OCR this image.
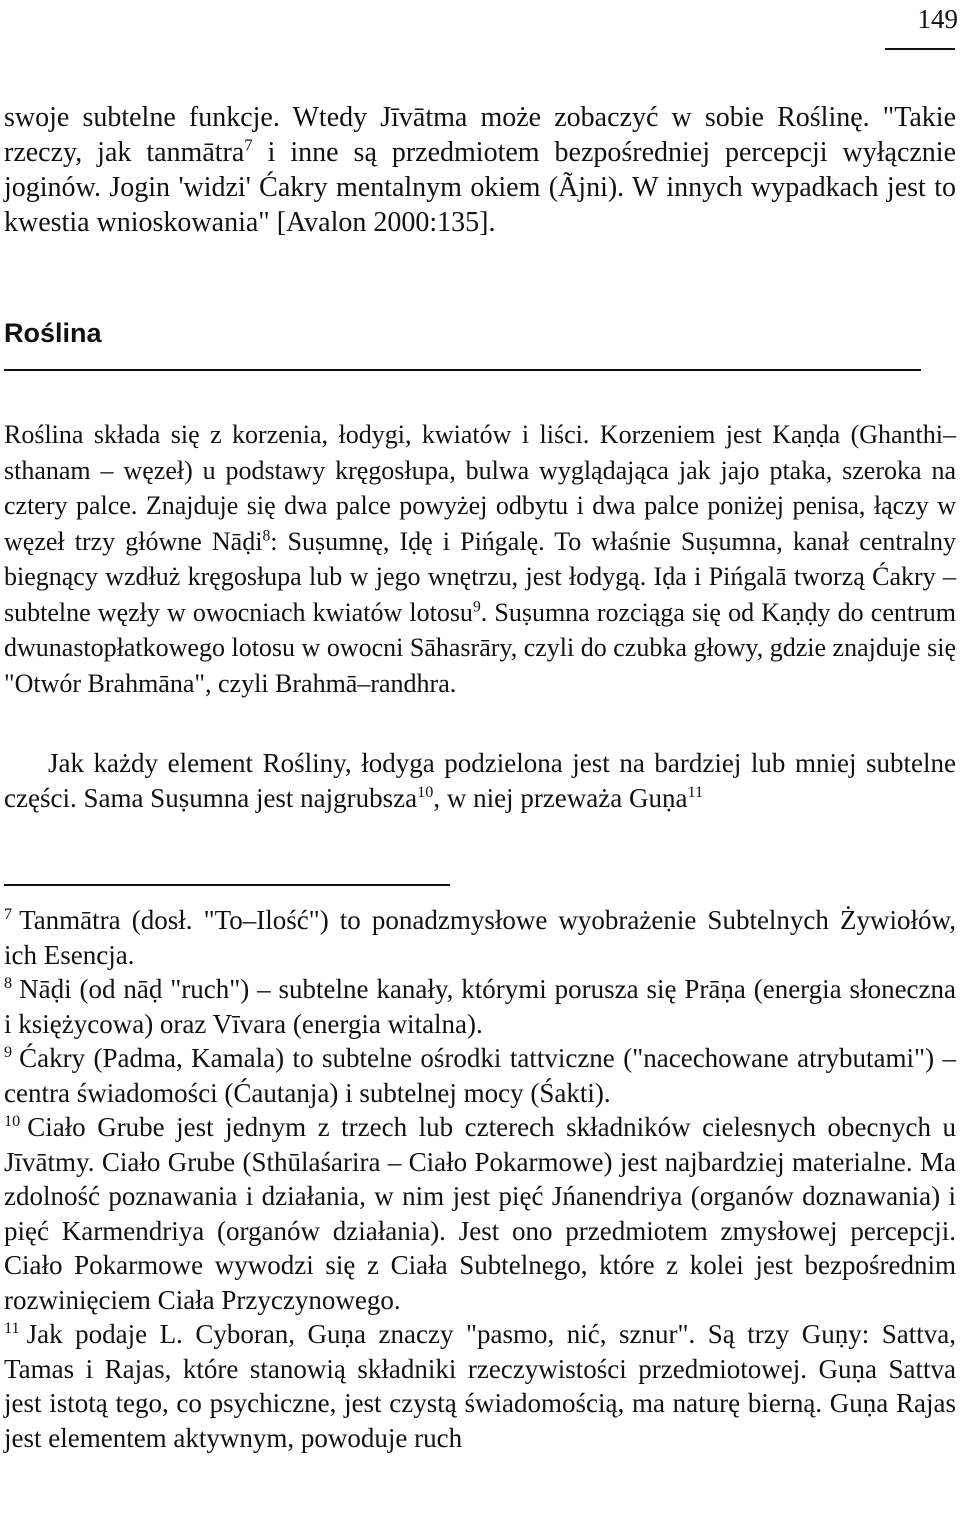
149

swoje subtelne funkcje. Wtedy Jīvātma może zobaczyć w sobie Roślinę. "Takie rzeczy, jak tanmātra$^7$ i inne są przedmiotem bezpośredniej percepcji wyłącznie joginów. Jogin 'widzi' Ćakry mentalnym okiem (Ãjni). W innych wypadkach jest to kwestia wnioskowania" [Avalon 2000:135].

Roślina

Roślina składa się z korzenia, łodygi, kwiatów i liści. Korzeniem jest Kaṇḍa (Ghanthi–sthanam – węzeł) u podstawy kręgosłupa, bulwa wyglądająca jak jajo ptaka, szeroka na cztery palce. Znajduje się dwa palce powyżej odbytu i dwa palce poniżej penisa, łączy w węzeł trzy główne Nāḍi$^8$: Suṣumnę, Iḍę i Pińgalę. To właśnie Suṣumna, kanał centralny biegnący wzdłuż kręgosłupa lub w jego wnętrzu, jest łodygą. Iḍa i Pińgalā tworzą Ćakry – subtelne węzły w owocniach kwiatów lotosu$^9$. Suṣumna rozciąga się od Kaṇḍy do centrum dwunastopłatkowego lotosu w owocni Sāhasrāry, czyli do czubka głowy, gdzie znajduje się "Otwór Brahmāna", czyli Brahmā–randhra.

Jak każdy element Rośliny, łodyga podzielona jest na bardziej lub mniej subtelne części. Sama Suṣumna jest najgrubsza$^{10}$, w niej przeważa Guṇa$^{11}$

$^7$ Tanmātra (dosł. "To–Ilość") to ponadzmysłowe wyobrażenie Subtelnych Żywiołów, ich Esencja.

$^8$ Nāḍi (od nāḍ "ruch") – subtelne kanały, którymi porusza się Prāṇa (energia słoneczna i księżycowa) oraz Vīvara (energia witalna).

$^9$ Ćakry (Padma, Kamala) to subtelne ośrodki tattviczne ("nacechowane atrybutami") – centra świadomości (Ćautanja) i subtelnej mocy (Śakti).

$^{10}$ Ciało Grube jest jednym z trzech lub czterech składników cielesnych obecnych u Jīvātmy. Ciało Grube (Sthūlaśarira – Ciało Pokarmowe) jest najbardziej materialne. Ma zdolność poznawania i działania, w nim jest pięć Jńanendriya (organów doznawania) i pięć Karmendriya (organów działania). Jest ono przedmiotem zmysłowej percepcji. Ciało Pokarmowe wywodzi się z Ciała Subtelnego, które z kolei jest bezpośrednim rozwinięciem Ciała Przyczynowego.

$^{11}$ Jak podaje L. Cyboran, Guṇa znaczy "pasmo, nić, sznur". Są trzy Guṇy: Sattva, Tamas i Rajas, które stanowią składniki rzeczywistości przedmiotowej. Guṇa Sattva jest istotą tego, co psychiczne, jest czystą świadomością, ma naturę bierną. Guṇa Rajas jest elementem aktywnym, powoduje ruch
